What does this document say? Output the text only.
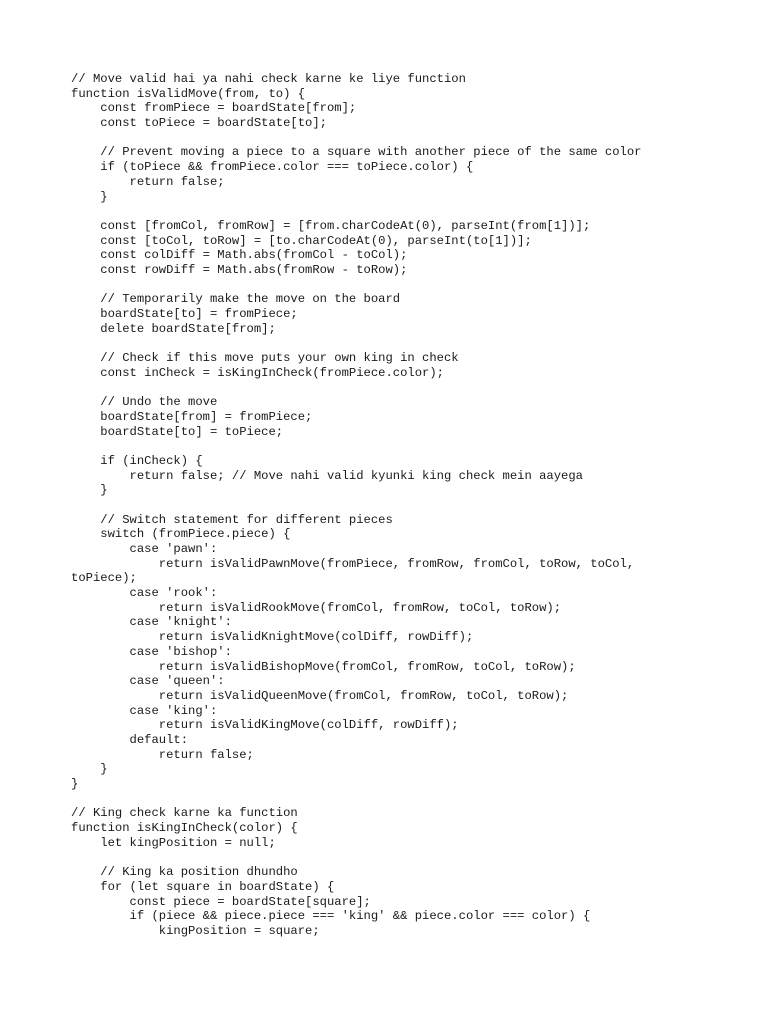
// Move valid hai ya nahi check karne ke liye function
function isValidMove(from, to) {
const fromPiece = boardState[from];
const toPiece = boardState[to];
// Prevent moving a piece to a square with another piece of the same color
if (toPiece && fromPiece.color === toPiece.color) {
return false;
}
const [fromCol, fromRow] = [from.charCodeAt(0), parseInt(from[1])];
const [toCol, toRow] = [to.charCodeAt(0), parseInt(to[1])];
const colDiff = Math.abs(fromCol - toCol);
const rowDiff = Math.abs(fromRow - toRow);
// Temporarily make the move on the board
boardState[to] = fromPiece;
delete boardState[from];
// Check if this move puts your own king in check
const inCheck = isKingInCheck(fromPiece.color);
// Undo the move
boardState[from] = fromPiece;
boardState[to] = toPiece;
if (inCheck) {
return false; // Move nahi valid kyunki king check mein aayega
}
// Switch statement for different pieces
switch (fromPiece.piece) {
case 'pawn':
return isValidPawnMove(fromPiece, fromRow, fromCol, toRow, toCol,
toPiece);
case 'rook':
return isValidRookMove(fromCol, fromRow, toCol, toRow);
case 'knight':
return isValidKnightMove(colDiff, rowDiff);
case 'bishop':
return isValidBishopMove(fromCol, fromRow, toCol, toRow);
case 'queen':
return isValidQueenMove(fromCol, fromRow, toCol, toRow);
case 'king':
return isValidKingMove(colDiff, rowDiff);
default:
return false;
}
}
// King check karne ka function
function isKingInCheck(color) {
let kingPosition = null;
// King ka position dhundho
for (let square in boardState) {
const piece = boardState[square];
if (piece && piece.piece === 'king' && piece.color === color) {
kingPosition = square;
